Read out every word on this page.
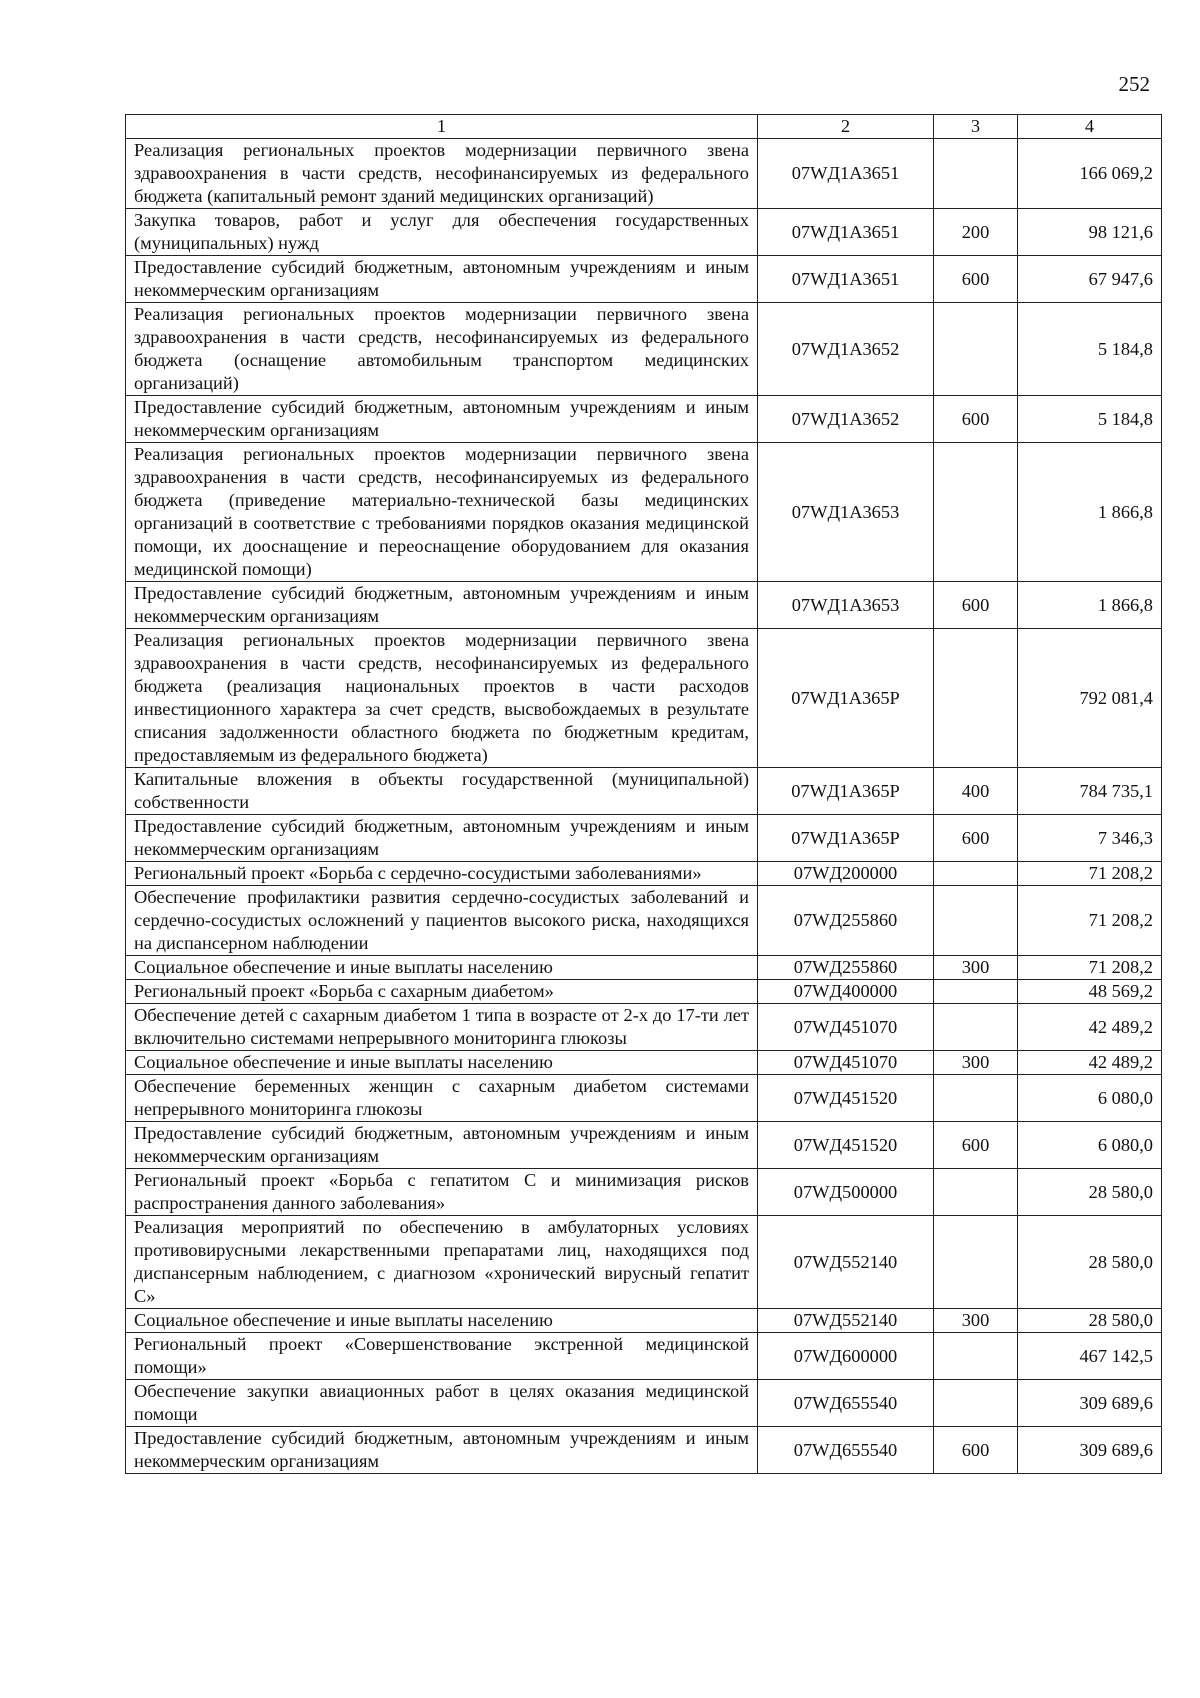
252
1	2	3	4
Реализация региональных проектов модернизации первичного звена здравоохранения в части средств, несофинансируемых из федерального бюджета (капитальный ремонт зданий медицинских организаций)	07WД1А3651		166 069,2
Закупка товаров, работ и услуг для обеспечения государственных (муниципальных) нужд	07WД1А3651	200	98 121,6
Предоставление субсидий бюджетным, автономным учреждениям и иным некоммерческим организациям	07WД1А3651	600	67 947,6
Реализация региональных проектов модернизации первичного звена здравоохранения в части средств, несофинансируемых из федерального бюджета (оснащение автомобильным транспортом медицинских организаций)	07WД1А3652		5 184,8
Предоставление субсидий бюджетным, автономным учреждениям и иным некоммерческим организациям	07WД1А3652	600	5 184,8
Реализация региональных проектов модернизации первичного звена здравоохранения в части средств, несофинансируемых из федерального бюджета (приведение материально-технической базы медицинских организаций в соответствие с требованиями порядков оказания медицинской помощи, их дооснащение и переоснащение оборудованием для оказания медицинской помощи)	07WД1А3653		1 866,8
Предоставление субсидий бюджетным, автономным учреждениям и иным некоммерческим организациям	07WД1А3653	600	1 866,8
Реализация региональных проектов модернизации первичного звена здравоохранения в части средств, несофинансируемых из федерального бюджета (реализация национальных проектов в части расходов инвестиционного характера за счет средств, высвобождаемых в результате списания задолженности областного бюджета по бюджетным кредитам, предоставляемым из федерального бюджета)	07WД1А365Р		792 081,4
Капитальные вложения в объекты государственной (муниципальной) собственности	07WД1А365Р	400	784 735,1
Предоставление субсидий бюджетным, автономным учреждениям и иным некоммерческим организациям	07WД1А365Р	600	7 346,3
Региональный проект «Борьба с сердечно-сосудистыми заболеваниями»	07WД200000		71 208,2
Обеспечение профилактики развития сердечно-сосудистых заболеваний и сердечно-сосудистых осложнений у пациентов высокого риска, находящихся на диспансерном наблюдении	07WД255860		71 208,2
Социальное обеспечение и иные выплаты населению	07WД255860	300	71 208,2
Региональный проект «Борьба с сахарным диабетом»	07WД400000		48 569,2
Обеспечение детей с сахарным диабетом 1 типа в возрасте от 2-х до 17-ти лет включительно системами непрерывного мониторинга глюкозы	07WД451070		42 489,2
Социальное обеспечение и иные выплаты населению	07WД451070	300	42 489,2
Обеспечение беременных женщин с сахарным диабетом системами непрерывного мониторинга глюкозы	07WД451520		6 080,0
Предоставление субсидий бюджетным, автономным учреждениям и иным некоммерческим организациям	07WД451520	600	6 080,0
Региональный проект «Борьба с гепатитом С и минимизация рисков распространения данного заболевания»	07WД500000		28 580,0
Реализация мероприятий по обеспечению в амбулаторных условиях противовирусными лекарственными препаратами лиц, находящихся под диспансерным наблюдением, с диагнозом «хронический вирусный гепатит С»	07WД552140		28 580,0
Социальное обеспечение и иные выплаты населению	07WД552140	300	28 580,0
Региональный проект «Совершенствование экстренной медицинской помощи»	07WД600000		467 142,5
Обеспечение закупки авиационных работ в целях оказания медицинской помощи	07WД655540		309 689,6
Предоставление субсидий бюджетным, автономным учреждениям и иным некоммерческим организациям	07WД655540	600	309 689,6
